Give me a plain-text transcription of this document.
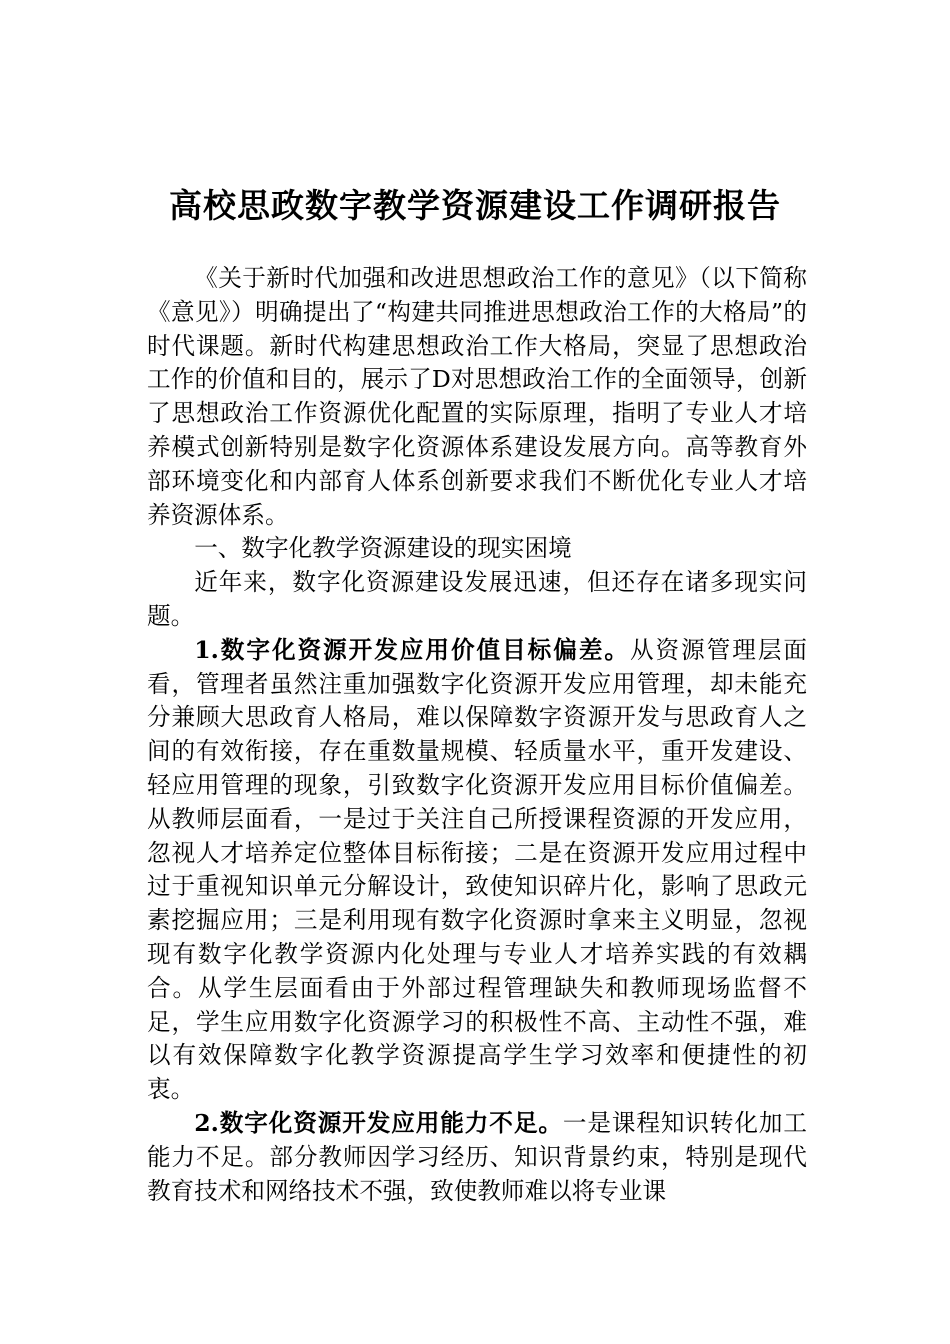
高校思政数字教学资源建设工作调研报告

《关于新时代加强和改进思想政治工作的意见》（以下简称《意见》）明确提出了“构建共同推进思想政治工作的大格局”的时代课题。新时代构建思想政治工作大格局，突显了思想政治工作的价值和目的，展示了D对思想政治工作的全面领导，创新了思想政治工作资源优化配置的实际原理，指明了专业人才培养模式创新特别是数字化资源体系建设发展方向。高等教育外部环境变化和内部育人体系创新要求我们不断优化专业人才培养资源体系。

一、数字化教学资源建设的现实困境

近年来，数字化资源建设发展迅速，但还存在诸多现实问题。

1.数字化资源开发应用价值目标偏差。从资源管理层面看，管理者虽然注重加强数字化资源开发应用管理，却未能充分兼顾大思政育人格局，难以保障数字资源开发与思政育人之间的有效衔接，存在重数量规模、轻质量水平，重开发建设、轻应用管理的现象，引致数字化资源开发应用目标价值偏差。从教师层面看，一是过于关注自己所授课程资源的开发应用，忽视人才培养定位整体目标衔接；二是在资源开发应用过程中过于重视知识单元分解设计，致使知识碎片化，影响了思政元素挖掘应用；三是利用现有数字化资源时拿来主义明显，忽视现有数字化教学资源内化处理与专业人才培养实践的有效耦合。从学生层面看由于外部过程管理缺失和教师现场监督不足，学生应用数字化资源学习的积极性不高、主动性不强，难以有效保障数字化教学资源提高学生学习效率和便捷性的初衷。

2.数字化资源开发应用能力不足。一是课程知识转化加工能力不足。部分教师因学习经历、知识背景约束，特别是现代教育技术和网络技术不强，致使教师难以将专业课
